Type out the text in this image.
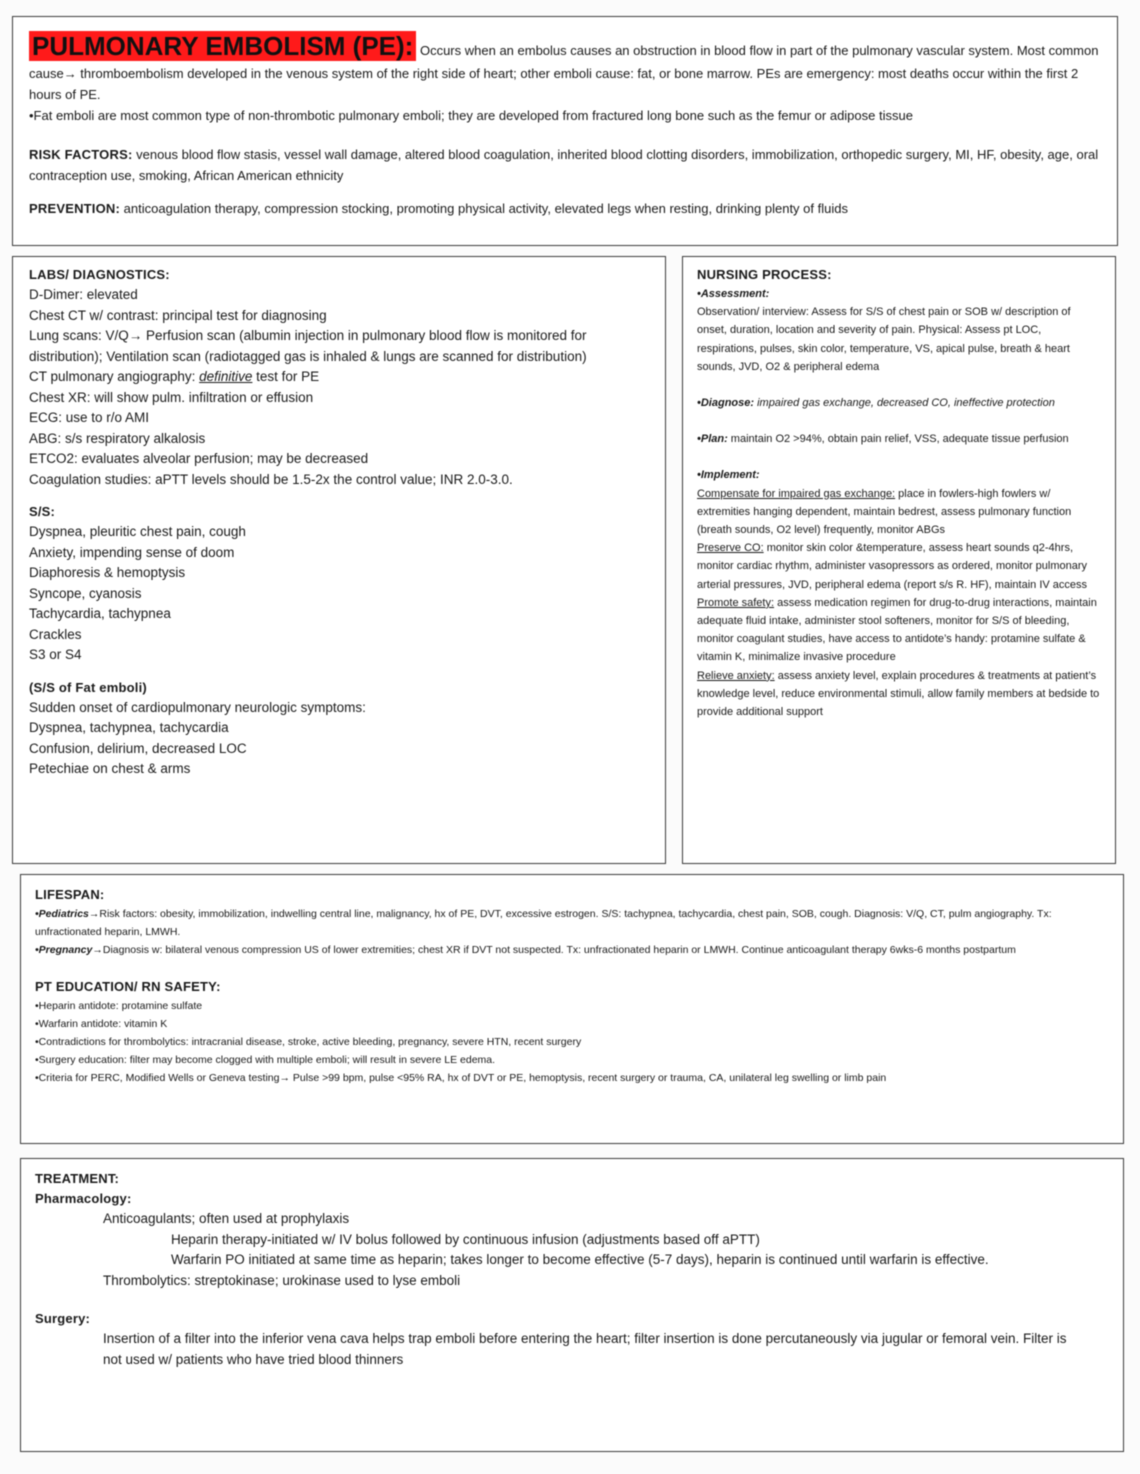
PULMONARY EMBOLISM (PE): Occurs when an embolus causes an obstruction in blood flow in part of the pulmonary vascular system. Most common cause→ thromboembolism developed in the venous system of the right side of heart; other emboli cause: fat, or bone marrow. PEs are emergency: most deaths occur within the first 2 hours of PE.
•Fat emboli are most common type of non-thrombotic pulmonary emboli; they are developed from fractured long bone such as the femur or adipose tissue
RISK FACTORS: venous blood flow stasis, vessel wall damage, altered blood coagulation, inherited blood clotting disorders, immobilization, orthopedic surgery, MI, HF, obesity, age, oral contraception use, smoking, African American ethnicity
PREVENTION: anticoagulation therapy, compression stocking, promoting physical activity, elevated legs when resting, drinking plenty of fluids
LABS/ DIAGNOSTICS:
D-Dimer: elevated
Chest CT w/ contrast: principal test for diagnosing
Lung scans: V/Q→ Perfusion scan (albumin injection in pulmonary blood flow is monitored for distribution); Ventilation scan (radiotagged gas is inhaled & lungs are scanned for distribution)
CT pulmonary angiography: definitive test for PE
Chest XR: will show pulm. infiltration or effusion
ECG: use to r/o AMI
ABG: s/s respiratory alkalosis
ETCO2: evaluates alveolar perfusion; may be decreased
Coagulation studies: aPTT levels should be 1.5-2x the control value; INR 2.0-3.0.
S/S:
Dyspnea, pleuritic chest pain, cough
Anxiety, impending sense of doom
Diaphoresis & hemoptysis
Syncope, cyanosis
Tachycardia, tachypnea
Crackles
S3 or S4
(S/S of Fat emboli)
Sudden onset of cardiopulmonary neurologic symptoms:
Dyspnea, tachypnea, tachycardia
Confusion, delirium, decreased LOC
Petechiae on chest & arms
NURSING PROCESS:
•Assessment:
Observation/ interview: Assess for S/S of chest pain or SOB w/ description of onset, duration, location and severity of pain. Physical: Assess pt LOC, respirations, pulses, skin color, temperature, VS, apical pulse, breath & heart sounds, JVD, O2 & peripheral edema
•Diagnose: impaired gas exchange, decreased CO, ineffective protection
•Plan: maintain O2 >94%, obtain pain relief, VSS, adequate tissue perfusion
•Implement:
Compensate for impaired gas exchange: place in fowlers-high fowlers w/ extremities hanging dependent, maintain bedrest, assess pulmonary function (breath sounds, O2 level) frequently, monitor ABGs
Preserve CO: monitor skin color &temperature, assess heart sounds q2-4hrs, monitor cardiac rhythm, administer vasopressors as ordered, monitor pulmonary arterial pressures, JVD, peripheral edema (report s/s R. HF), maintain IV access
Promote safety: assess medication regimen for drug-to-drug interactions, maintain adequate fluid intake, administer stool softeners, monitor for S/S of bleeding, monitor coagulant studies, have access to antidote’s handy: protamine sulfate & vitamin K, minimalize invasive procedure
Relieve anxiety: assess anxiety level, explain procedures & treatments at patient’s knowledge level, reduce environmental stimuli, allow family members at bedside to provide additional support
LIFESPAN:
•Pediatrics→Risk factors: obesity, immobilization, indwelling central line, malignancy, hx of PE, DVT, excessive estrogen. S/S: tachypnea, tachycardia, chest pain, SOB, cough. Diagnosis: V/Q, CT, pulm angiography. Tx: unfractionated heparin, LMWH.
•Pregnancy→Diagnosis w: bilateral venous compression US of lower extremities; chest XR if DVT not suspected. Tx: unfractionated heparin or LMWH. Continue anticoagulant therapy 6wks-6 months postpartum
PT EDUCATION/ RN SAFETY:
•Heparin antidote: protamine sulfate
•Warfarin antidote: vitamin K
•Contradictions for thrombolytics: intracranial disease, stroke, active bleeding, pregnancy, severe HTN, recent surgery
•Surgery education: filter may become clogged with multiple emboli; will result in severe LE edema.
•Criteria for PERC, Modified Wells or Geneva testing→ Pulse >99 bpm, pulse <95% RA, hx of DVT or PE, hemoptysis, recent surgery or trauma, CA, unilateral leg swelling or limb pain
TREATMENT:
Pharmacology:
Anticoagulants; often used at prophylaxis
Heparin therapy-initiated w/ IV bolus followed by continuous infusion (adjustments based off aPTT)
Warfarin PO initiated at same time as heparin; takes longer to become effective (5-7 days), heparin is continued until warfarin is effective.
Thrombolytics: streptokinase; urokinase used to lyse emboli
Surgery:
Insertion of a filter into the inferior vena cava helps trap emboli before entering the heart; filter insertion is done percutaneously via jugular or femoral vein. Filter is not used w/ patients who have tried blood thinners
